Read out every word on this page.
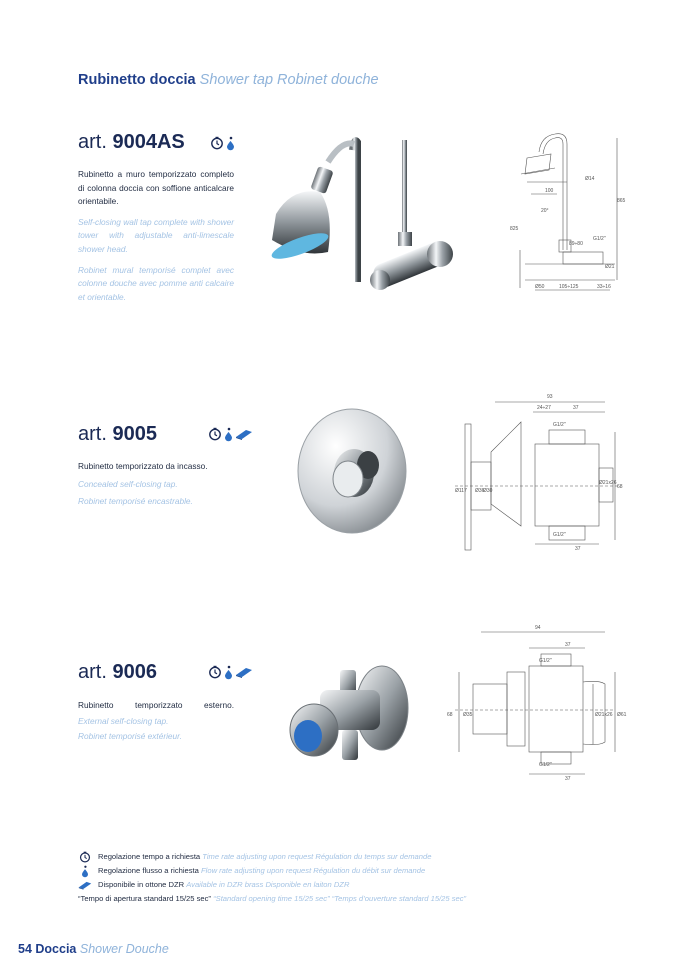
Rubinetto doccia Shower tap Robinet douche
art. 9004AS

Rubinetto a muro temporizzato completo di colonna doccia con soffione anticalcare orientabile.

Self-closing wall tap complete with shower tower with adjustable anti-limescale shower head.

Robinet mural temporisé complet avec colonne douche avec pomme anti calcaire et orientable.

Ø14
100
20°
825
865
G1/2"
89÷80
Ø21
Ø50	105÷125	33÷16
art. 9005

Rubinetto temporizzato da incasso.

Concealed self-closing tap.

Robinet temporisé encastrable.

93
24÷27	37
G1/2"
Ø117 Ø36
Ø30
Ø21x26
68
G1/2"
37
art. 9006

Rubinetto temporizzato esterno.

External self-closing tap.

Robinet temporisé extérieur.

94
37
G1/2"
68 Ø35	Ø21x26 Ø61
G1/2"
37
Regolazione tempo a richiesta Time rate adjusting upon request Régulation du temps sur demande
Regolazione flusso a richiesta Flow rate adjusting upon request Régulation du débit sur demande
Disponibile in ottone DZR Available in DZR brass Disponible en laiton DZR
“Tempo di apertura standard 15/25 sec” “Standard opening time 15/25 sec” “Temps d’ouverture standard 15/25 sec”
54 Doccia Shower Douche
